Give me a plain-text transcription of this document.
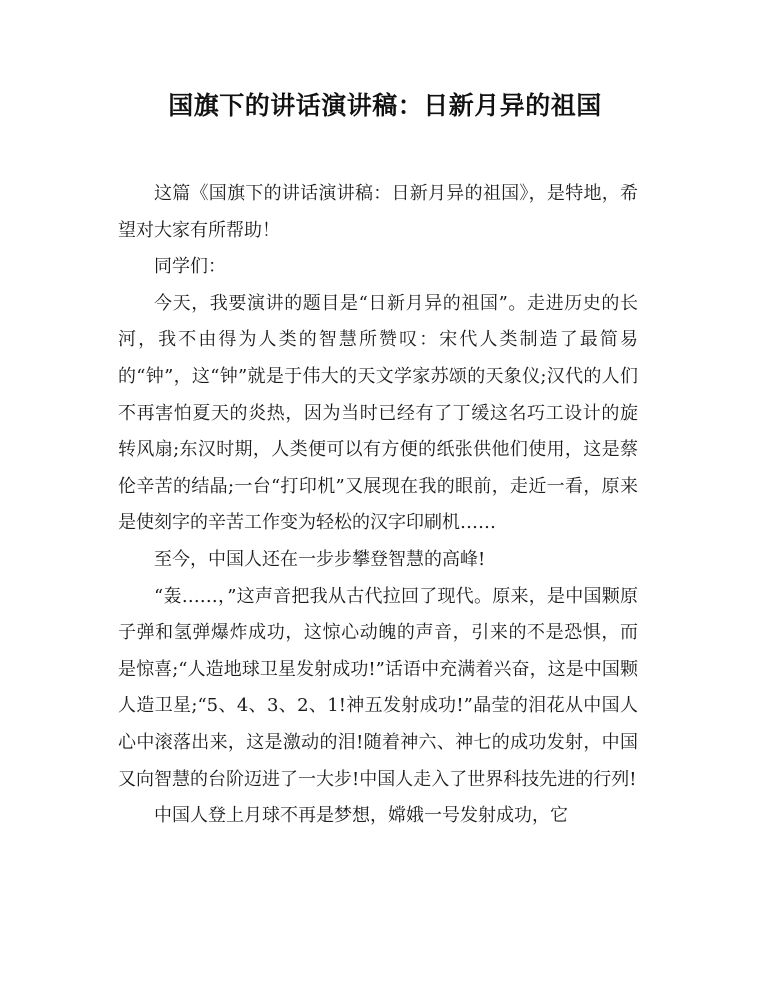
国旗下的讲话演讲稿：日新月异的祖国

这篇《国旗下的讲话演讲稿：日新月异的祖国》，是特地，希望对大家有所帮助！

同学们：

今天，我要演讲的题目是“日新月异的祖国”。走进历史的长河，我不由得为人类的智慧所赞叹：宋代人类制造了最简易的“钟”，这“钟”就是于伟大的天文学家苏颂的天象仪;汉代的人们不再害怕夏天的炎热，因为当时已经有了丁缓这名巧工设计的旋转风扇;东汉时期，人类便可以有方便的纸张供他们使用，这是蔡伦辛苦的结晶;一台“打印机”又展现在我的眼前，走近一看，原来是使刻字的辛苦工作变为轻松的汉字印刷机……

至今，中国人还在一步步攀登智慧的高峰!

“轰……，”这声音把我从古代拉回了现代。原来，是中国颗原子弹和氢弹爆炸成功，这惊心动魄的声音，引来的不是恐惧，而是惊喜;“人造地球卫星发射成功!”话语中充满着兴奋，这是中国颗人造卫星;“5、4、3、2、1!神五发射成功!”晶莹的泪花从中国人心中滚落出来，这是激动的泪!随着神六、神七的成功发射，中国又向智慧的台阶迈进了一大步!中国人走入了世界科技先进的行列!

中国人登上月球不再是梦想，嫦娥一号发射成功，它
